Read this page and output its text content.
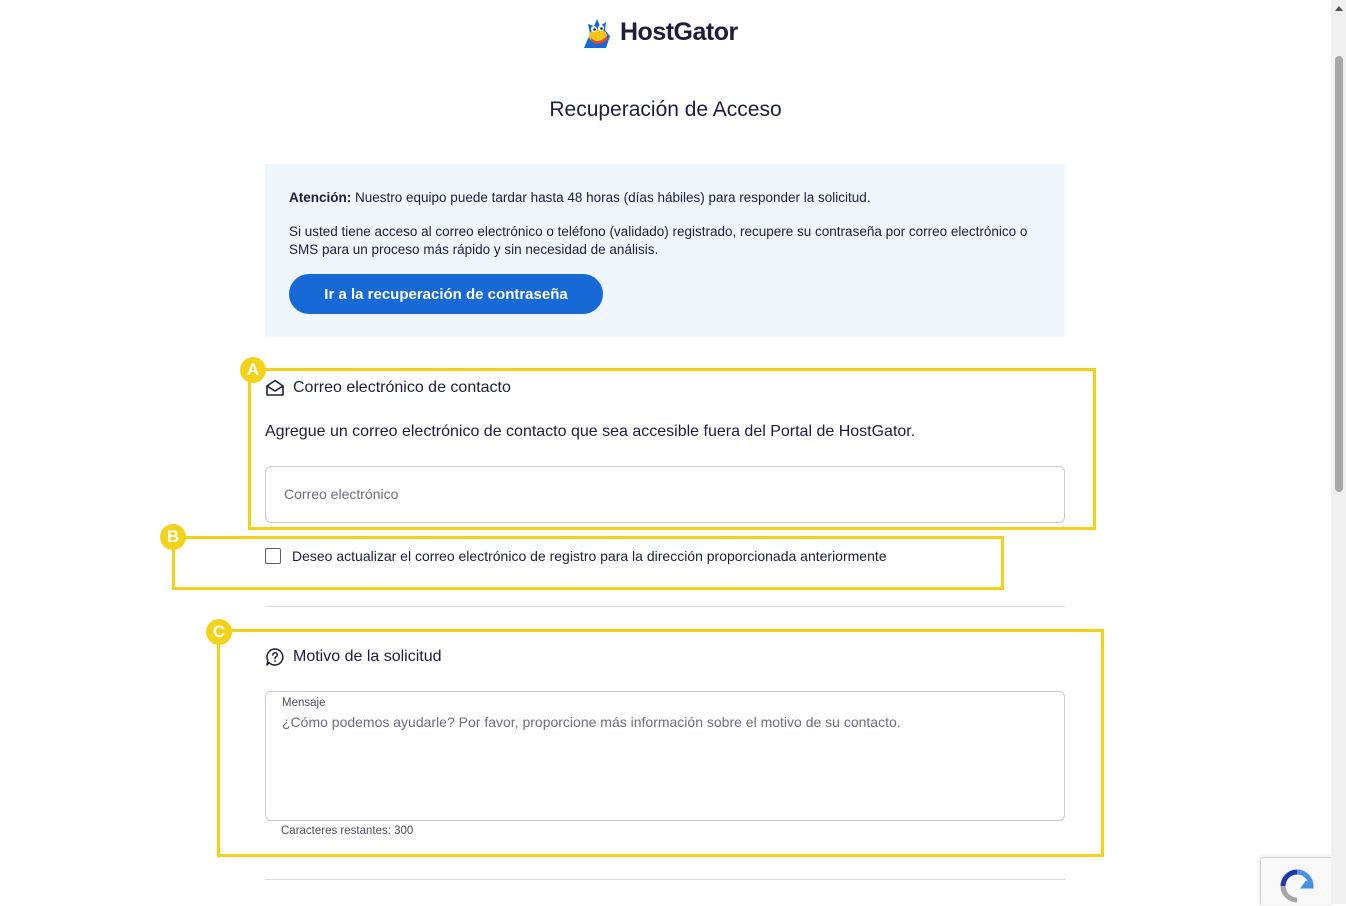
HostGator
Recuperación de Acceso

Atención: Nuestro equipo puede tardar hasta 48 horas (días hábiles) para responder la solicitud.

Si usted tiene acceso al correo electrónico o teléfono (validado) registrado, recupere su contraseña por correo electrónico o SMS para un proceso más rápido y sin necesidad de análisis.

Ir a la recuperación de contraseña
A
Correo electrónico de contacto
Agregue un correo electrónico de contacto que sea accesible fuera del Portal de HostGator.
Correo electrónico
B
Deseo actualizar el correo electrónico de registro para la dirección proporcionada anteriormente
C
Motivo de la solicitud
Mensaje
¿Cómo podemos ayudarle? Por favor, proporcione más información sobre el motivo de su contacto.
Caracteres restantes: 300
